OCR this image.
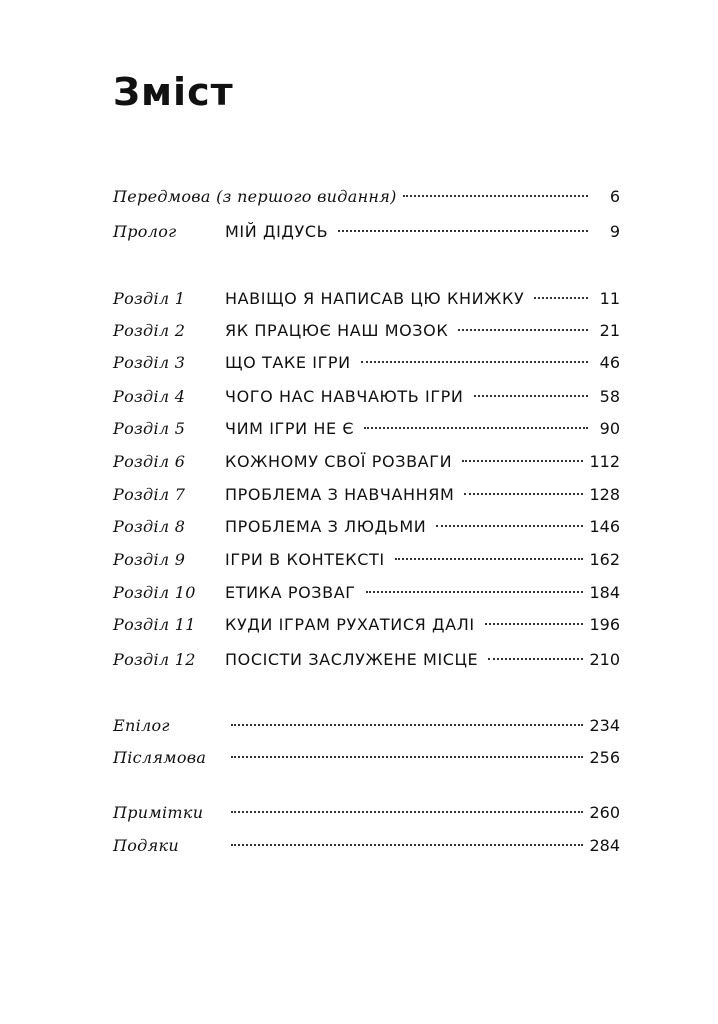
Зміст
Передмова (з першого видання)	6
Пролог	МІЙ ДІДУСЬ	9
Розділ 1	НАВІЩО Я НАПИСАВ ЦЮ КНИЖКУ	11
Розділ 2	ЯК ПРАЦЮЄ НАШ МОЗОК	21
Розділ 3	ЩО ТАКЕ ІГРИ	46
Розділ 4	ЧОГО НАС НАВЧАЮТЬ ІГРИ	58
Розділ 5	ЧИМ ІГРИ НЕ Є	90
Розділ 6	КОЖНОМУ СВОЇ РОЗВАГИ	112
Розділ 7	ПРОБЛЕМА З НАВЧАННЯМ	128
Розділ 8	ПРОБЛЕМА З ЛЮДЬМИ	146
Розділ 9	ІГРИ В КОНТЕКСТІ	162
Розділ 10	ЕТИКА РОЗВАГ	184
Розділ 11	КУДИ ІГРАМ РУХАТИСЯ ДАЛІ	196
Розділ 12	ПОСІСТИ ЗАСЛУЖЕНЕ МІСЦЕ	210
Епілог	234
Післямова	256
Примітки	260
Подяки	284
